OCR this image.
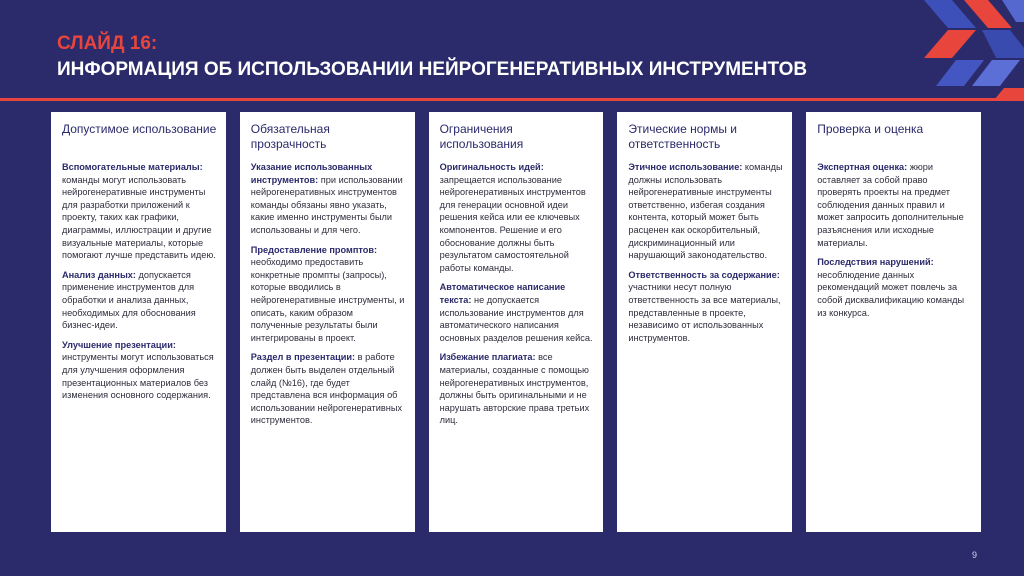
СЛАЙД 16:
ИНФОРМАЦИЯ ОБ ИСПОЛЬЗОВАНИИ НЕЙРОГЕНЕРАТИВНЫХ ИНСТРУМЕНТОВ
Допустимое использование
Вспомогательные материалы: команды могут использовать нейрогенеративные инструменты для разработки приложений к проекту, таких как графики, диаграммы, иллюстрации и другие визуальные материалы, которые помогают лучше представить идею.
Анализ данных: допускается применение инструментов для обработки и анализа данных, необходимых для обоснования бизнес-идеи.
Улучшение презентации: инструменты могут использоваться для улучшения оформления презентационных материалов без изменения основного содержания.
Обязательная прозрачность
Указание использованных инструментов: при использовании нейрогенеративных инструментов команды обязаны явно указать, какие именно инструменты были использованы и для чего.
Предоставление промптов: необходимо предоставить конкретные промпты (запросы), которые вводились в нейрогенеративные инструменты, и описать, каким образом полученные результаты были интегрированы в проект.
Раздел в презентации: в работе должен быть выделен отдельный слайд (№16), где будет представлена вся информация об использовании нейрогенеративных инструментов.
Ограничения использования
Оригинальность идей: запрещается использование нейрогенеративных инструментов для генерации основной идеи решения кейса или ее ключевых компонентов. Решение и его обоснование должны быть результатом самостоятельной работы команды.
Автоматическое написание текста: не допускается использование инструментов для автоматического написания основных разделов решения кейса.
Избежание плагиата: все материалы, созданные с помощью нейрогенеративных инструментов, должны быть оригинальными и не нарушать авторские права третьих лиц.
Этические нормы и ответственность
Этичное использование: команды должны использовать нейрогенеративные инструменты ответственно, избегая создания контента, который может быть расценен как оскорбительный, дискриминационный или нарушающий законодательство.
Ответственность за содержание: участники несут полную ответственность за все материалы, представленные в проекте, независимо от использованных инструментов.
Проверка и оценка
Экспертная оценка: жюри оставляет за собой право проверять проекты на предмет соблюдения данных правил и может запросить дополнительные разъяснения или исходные материалы.
Последствия нарушений: несоблюдение данных рекомендаций может повлечь за собой дисквалификацию команды из конкурса.
9
